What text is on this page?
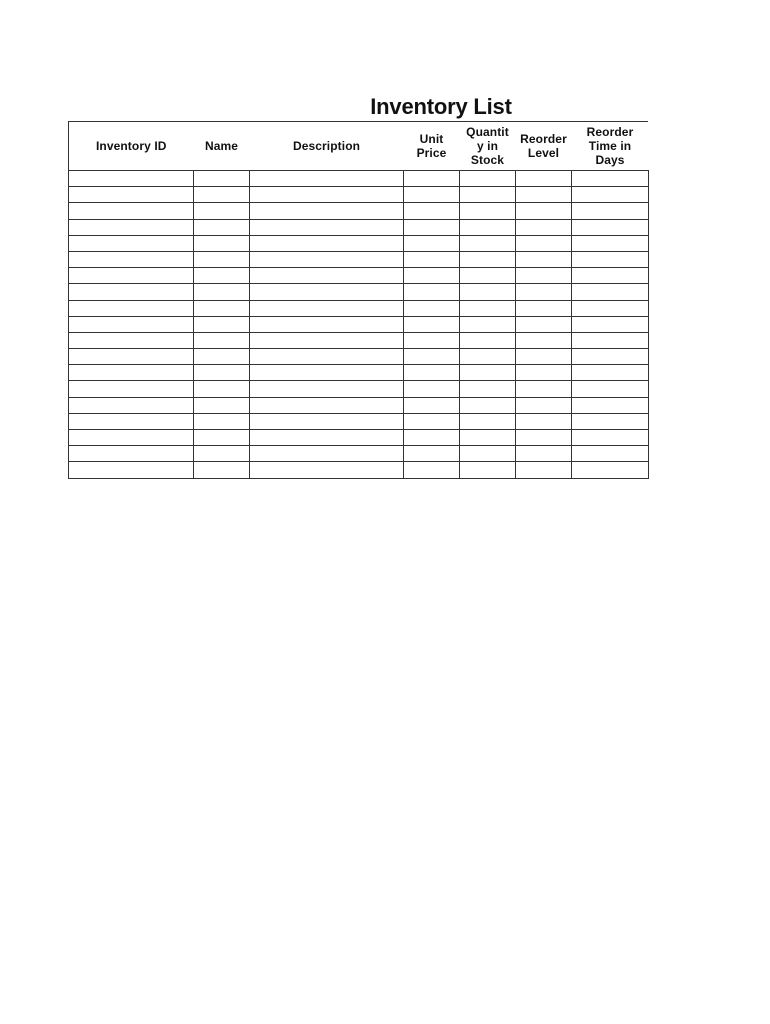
Inventory List
Inventory ID	Name	Description	Unit Price	Quantit y in Stock	Reorder Level	Reorder Time in Days
